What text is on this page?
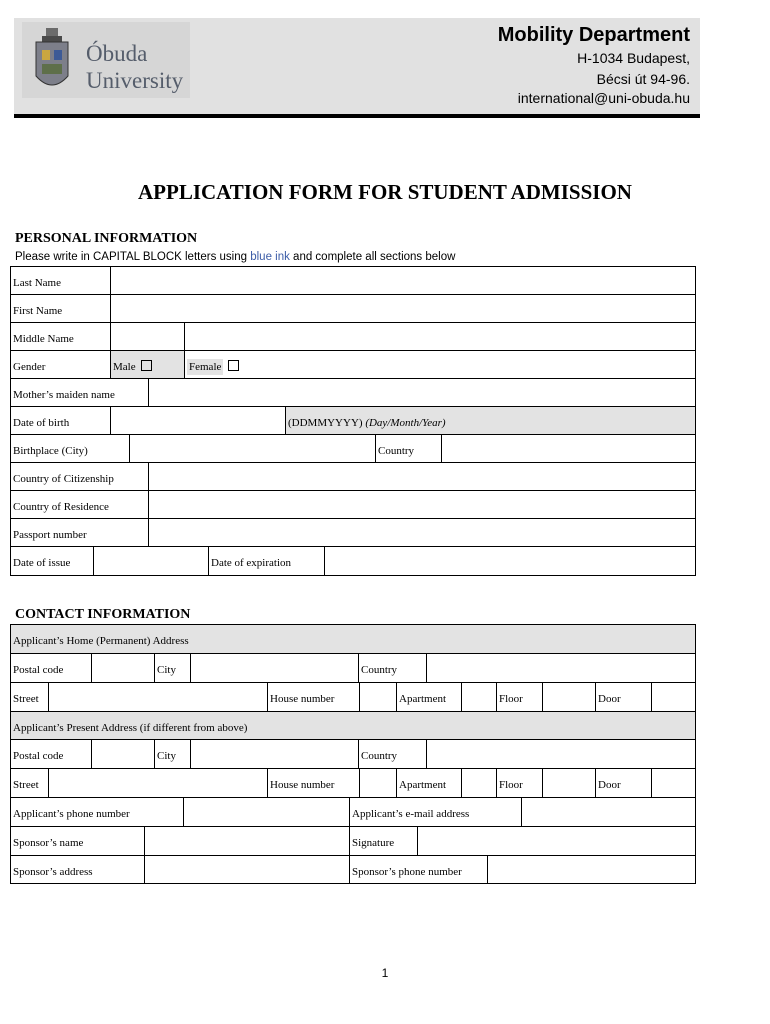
Óbuda
University
Mobility Department
H-1034 Budapest,
Bécsi út 94-96.
international@uni-obuda.hu
APPLICATION FORM FOR STUDENT ADMISSION
PERSONAL INFORMATION
Please write in CAPITAL BLOCK letters using blue ink and complete all sections below
Last Name
First Name
Middle Name
Gender	Male	Female
Mother’s maiden name
Date of birth	(DDMMYYYY) (Day/Month/Year)
Birthplace (City)	Country
Country of Citizenship
Country of Residence
Passport number
Date of issue	Date of expiration
CONTACT INFORMATION
Applicant’s Home (Permanent) Address
Postal code	City	Country
Street	House number	Apartment	Floor	Door
Applicant’s Present Address (if different from above)
Postal code	City	Country
Street	House number	Apartment	Floor	Door
Applicant’s phone number	Applicant’s e-mail address
Sponsor’s name	Signature
Sponsor’s address	Sponsor’s phone number
1
